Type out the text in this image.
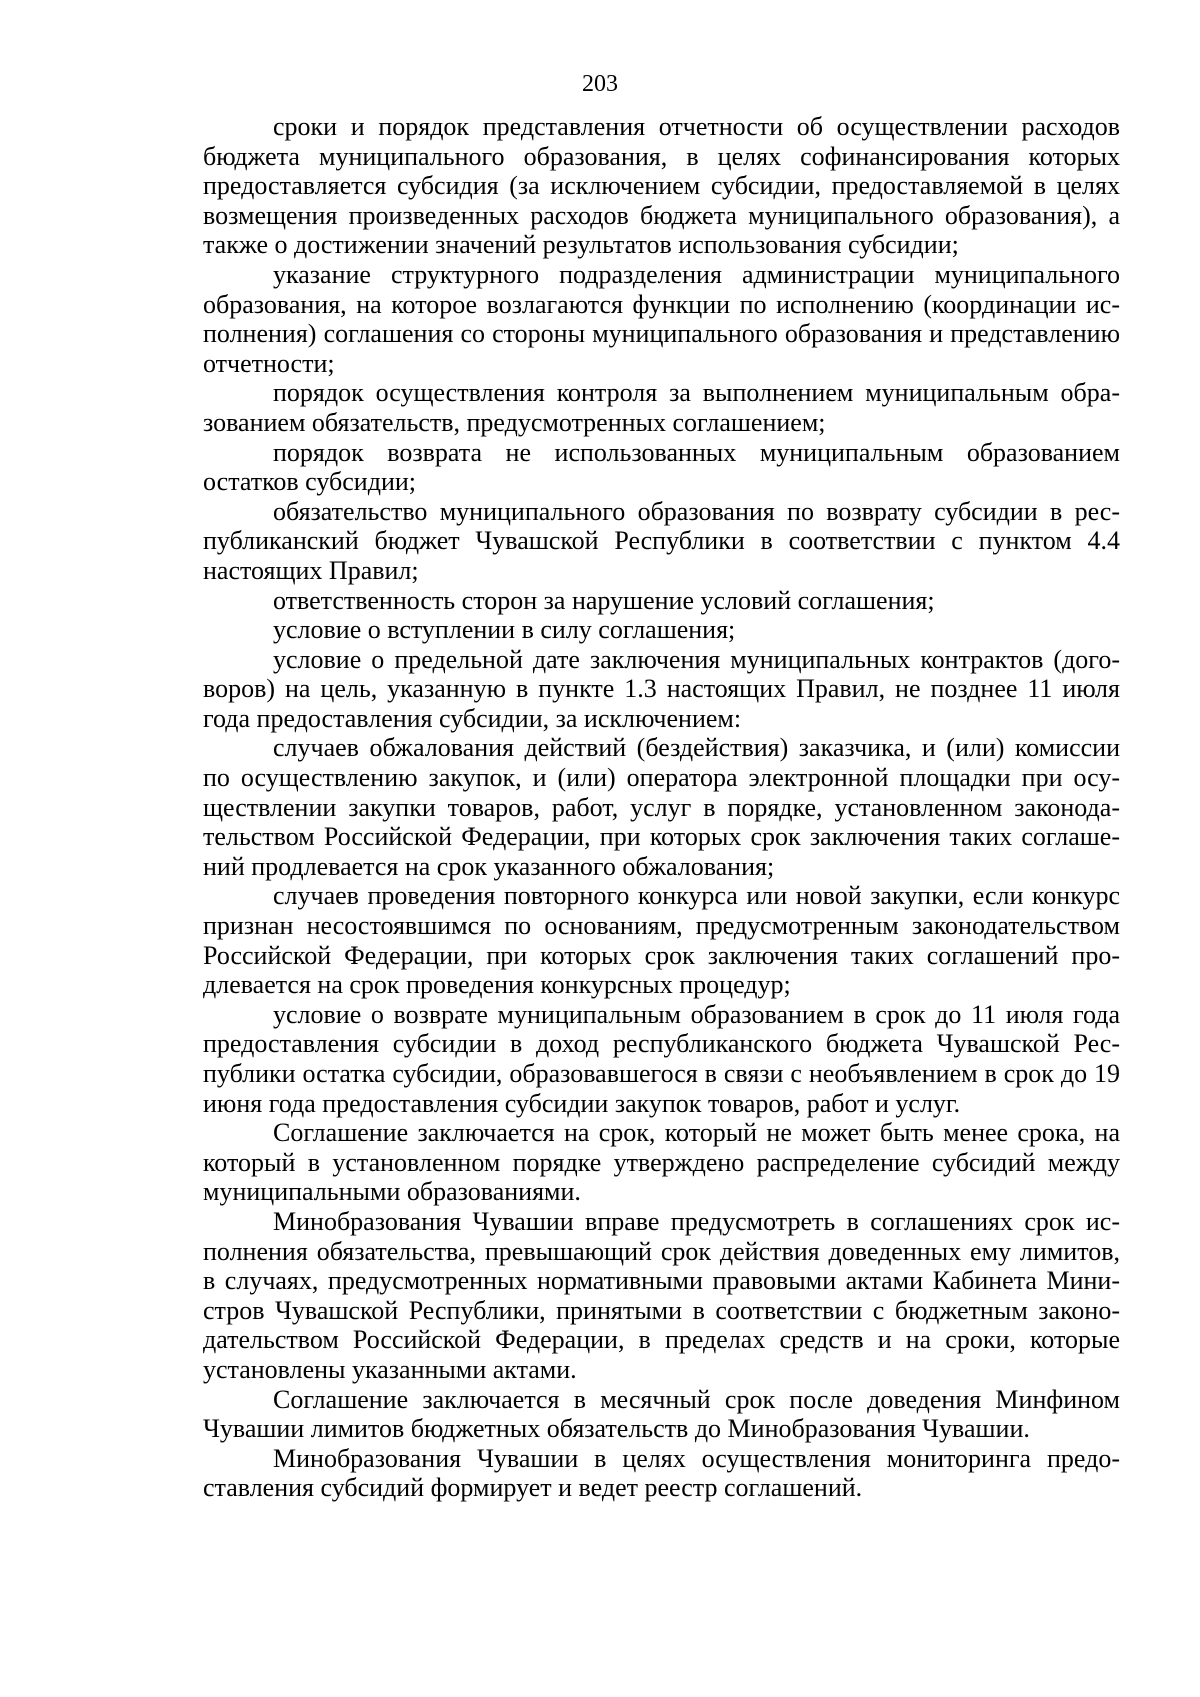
203

сроки и порядок представления отчетности об осуществлении расходов бюджета муниципального образования, в целях софинансирования которых предоставляется субсидия (за исключением субсидии, предоставляемой в целях возмещения произведенных расходов бюджета муниципального образования), а также о достижении значений результатов использования субсидии;

указание структурного подразделения администрации муниципального образования, на которое возлагаются функции по исполнению (координации исполнения) соглашения со стороны муниципального образования и представлению отчетности;

порядок осуществления контроля за выполнением муниципальным образованием обязательств, предусмотренных соглашением;

порядок возврата не использованных муниципальным образованием остатков субсидии;

обязательство муниципального образования по возврату субсидии в республиканский бюджет Чувашской Республики в соответствии с пунктом 4.4 настоящих Правил;

ответственность сторон за нарушение условий соглашения;

условие о вступлении в силу соглашения;

условие о предельной дате заключения муниципальных контрактов (договоров) на цель, указанную в пункте 1.3 настоящих Правил, не позднее 11 июля года предоставления субсидии, за исключением:

случаев обжалования действий (бездействия) заказчика, и (или) комиссии по осуществлению закупок, и (или) оператора электронной площадки при осуществлении закупки товаров, работ, услуг в порядке, установленном законодательством Российской Федерации, при которых срок заключения таких соглашений продлевается на срок указанного обжалования;

случаев проведения повторного конкурса или новой закупки, если конкурс признан несостоявшимся по основаниям, предусмотренным законодательством Российской Федерации, при которых срок заключения таких соглашений продлевается на срок проведения конкурсных процедур;

условие о возврате муниципальным образованием в срок до 11 июля года предоставления субсидии в доход республиканского бюджета Чувашской Республики остатка субсидии, образовавшегося в связи с необъявлением в срок до 19 июня года предоставления субсидии закупок товаров, работ и услуг.

Соглашение заключается на срок, который не может быть менее срока, на который в установленном порядке утверждено распределение субсидий между муниципальными образованиями.

Минобразования Чувашии вправе предусмотреть в соглашениях срок исполнения обязательства, превышающий срок действия доведенных ему лимитов, в случаях, предусмотренных нормативными правовыми актами Кабинета Министров Чувашской Республики, принятыми в соответствии с бюджетным законодательством Российской Федерации, в пределах средств и на сроки, которые установлены указанными актами.

Соглашение заключается в месячный срок после доведения Минфином Чувашии лимитов бюджетных обязательств до Минобразования Чувашии.

Минобразования Чувашии в целях осуществления мониторинга предоставления субсидий формирует и ведет реестр соглашений.
